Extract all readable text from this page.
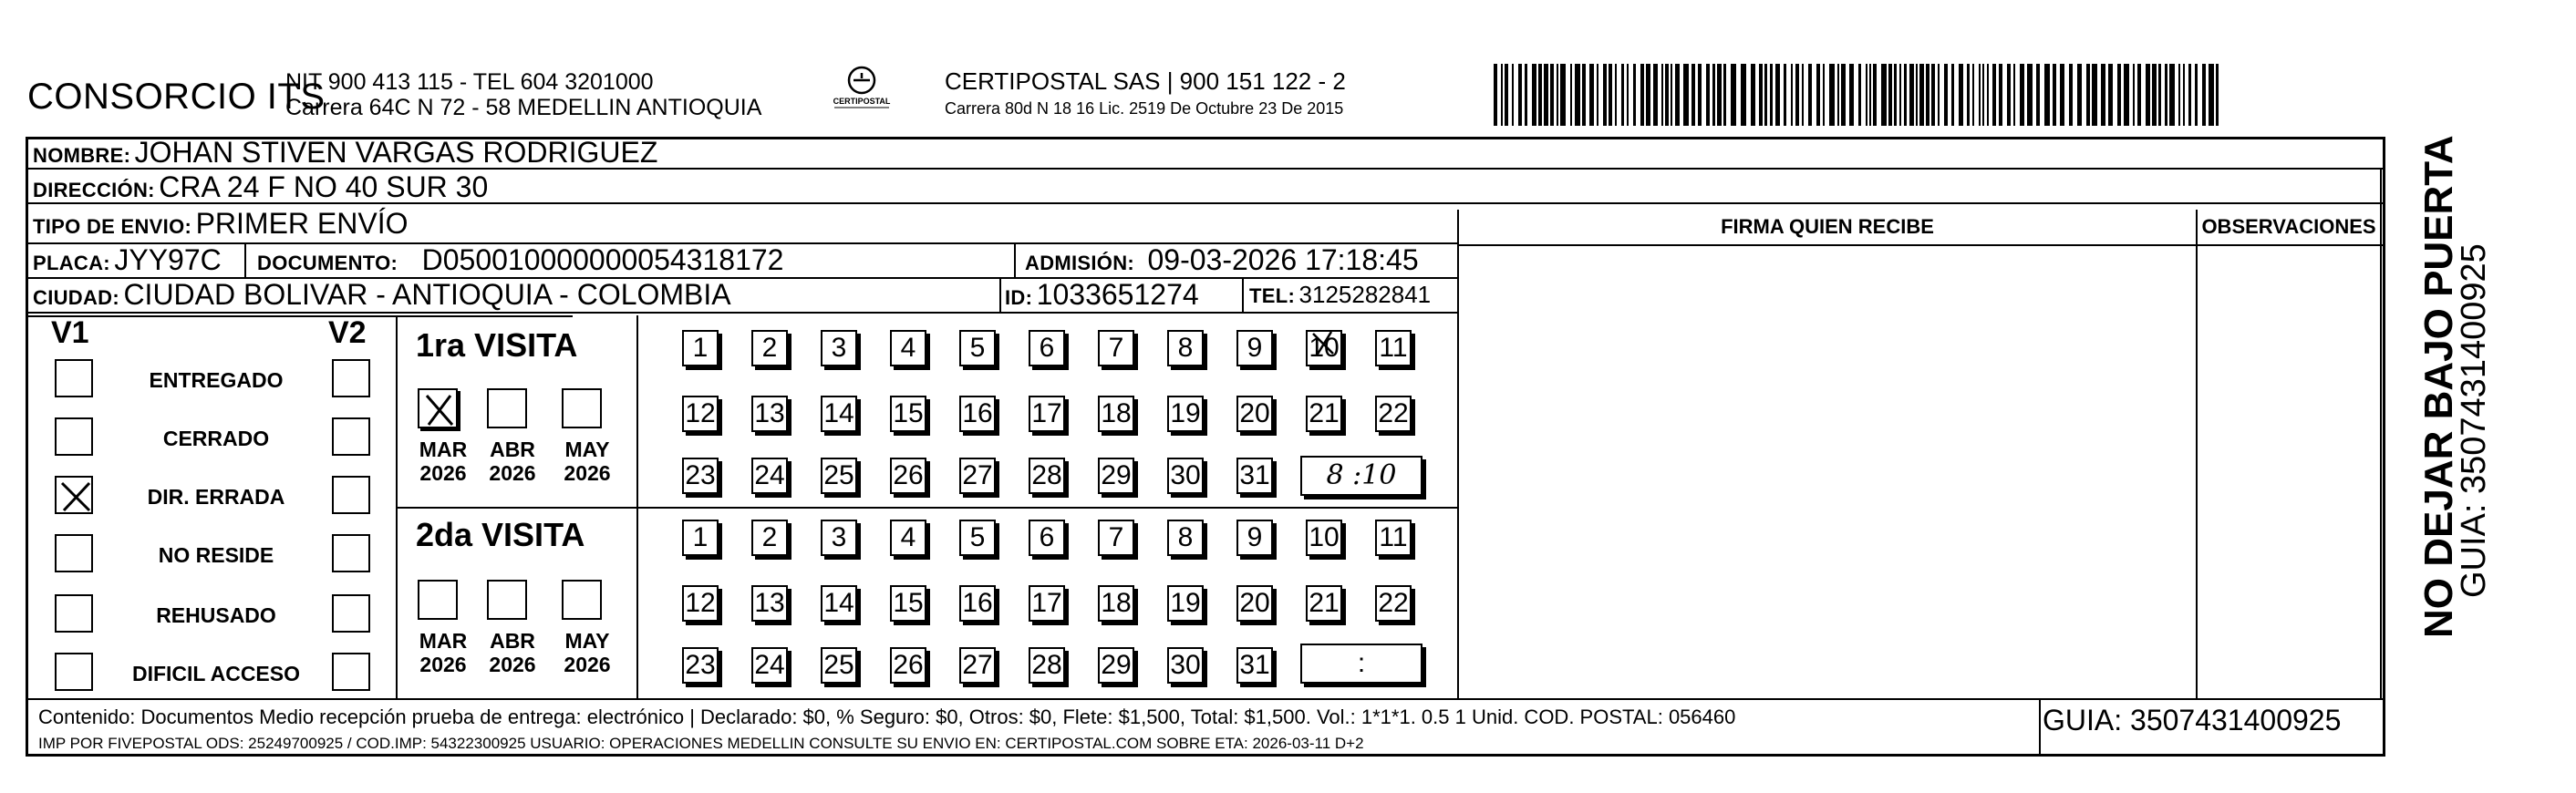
CONSORCIO ITS
NIT 900 413 115 - TEL 604 3201000
Carrera 64C N 72 - 58 MEDELLIN ANTIOQUIA	CERTIPOSTAL
CERTIPOSTAL SAS | 900 151 122 - 2
Carrera 80d N 18 16 Lic. 2519 De Octubre 23 De 2015
NOMBRE: JOHAN STIVEN VARGAS RODRIGUEZ
DIRECCIÓN: CRA 24 F NO 40 SUR 30
TIPO DE ENVIO: PRIMER ENVÍO	FIRMA QUIEN RECIBE	OBSERVACIONES
PLACA: JYY97C DOCUMENTO: D050010000000054318172	ADMISIÓN: 09-03-2026 17:18:45
CIUDAD: CIUDAD BOLIVAR - ANTIOQUIA - COLOMBIA	ID: 1033651274	TEL: 3125282841
V1	V2
ENTREGADO
CERRADO
DIR. ERRADA
NO RESIDE
REHUSADO
DIFICIL ACCESO
1ra VISITA
2da VISITA
MAR
2026
ABR
2026
MAY
2026
MAR
2026
ABR
2026
MAY
2026
1	2	3	4	5	6	7	8	9	10 11
12 13 14 15 16 17 18 19 20 21 22
23 24 25 26 27 28 29 30 31
1	2	3	4	5	6	7	8	9	10 11
12 13 14 15 16 17 18 19 20 21 22
23 24 25 26 27 28 29 30 31
8 :10
:
Contenido: Documentos Medio recepción prueba de entrega: electrónico | Declarado: $0, % Seguro: $0, Otros: $0, Flete: $1,500, Total: $1,500. Vol.: 1*1*1. 0.5 1 Unid. COD. POSTAL: 056460
IMP POR FIVEPOSTAL ODS: 25249700925 / COD.IMP: 54322300925 USUARIO: OPERACIONES MEDELLIN CONSULTE SU ENVIO EN: CERTIPOSTAL.COM SOBRE ETA: 2026-03-11 D+2
GUIA: 3507431400925
NO DEJAR BAJO PUERTA
GUIA: 3507431400925
